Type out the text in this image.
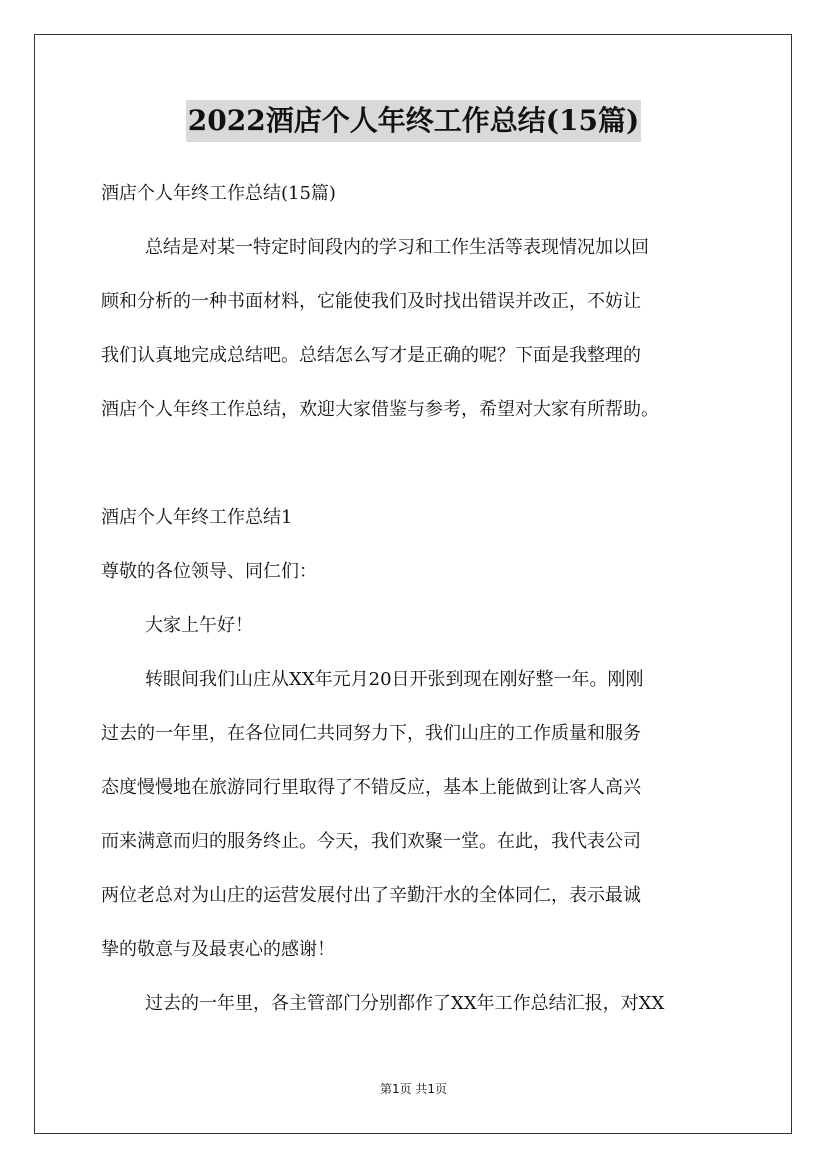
2022酒店个人年终工作总结(15篇)
酒店个人年终工作总结(15篇)
总结是对某一特定时间段内的学习和工作生活等表现情况加以回
顾和分析的一种书面材料，它能使我们及时找出错误并改正，不妨让
我们认真地完成总结吧。总结怎么写才是正确的呢？下面是我整理的
酒店个人年终工作总结，欢迎大家借鉴与参考，希望对大家有所帮助。
酒店个人年终工作总结1
尊敬的各位领导、同仁们：
大家上午好！
转眼间我们山庄从XX年元月20日开张到现在刚好整一年。刚刚
过去的一年里，在各位同仁共同努力下，我们山庄的工作质量和服务
态度慢慢地在旅游同行里取得了不错反应，基本上能做到让客人高兴
而来满意而归的服务终止。今天，我们欢聚一堂。在此，我代表公司
两位老总对为山庄的运营发展付出了辛勤汗水的全体同仁，表示最诚
挚的敬意与及最衷心的感谢！
过去的一年里，各主管部门分别都作了XX年工作总结汇报，对XX
第1页 共1页
